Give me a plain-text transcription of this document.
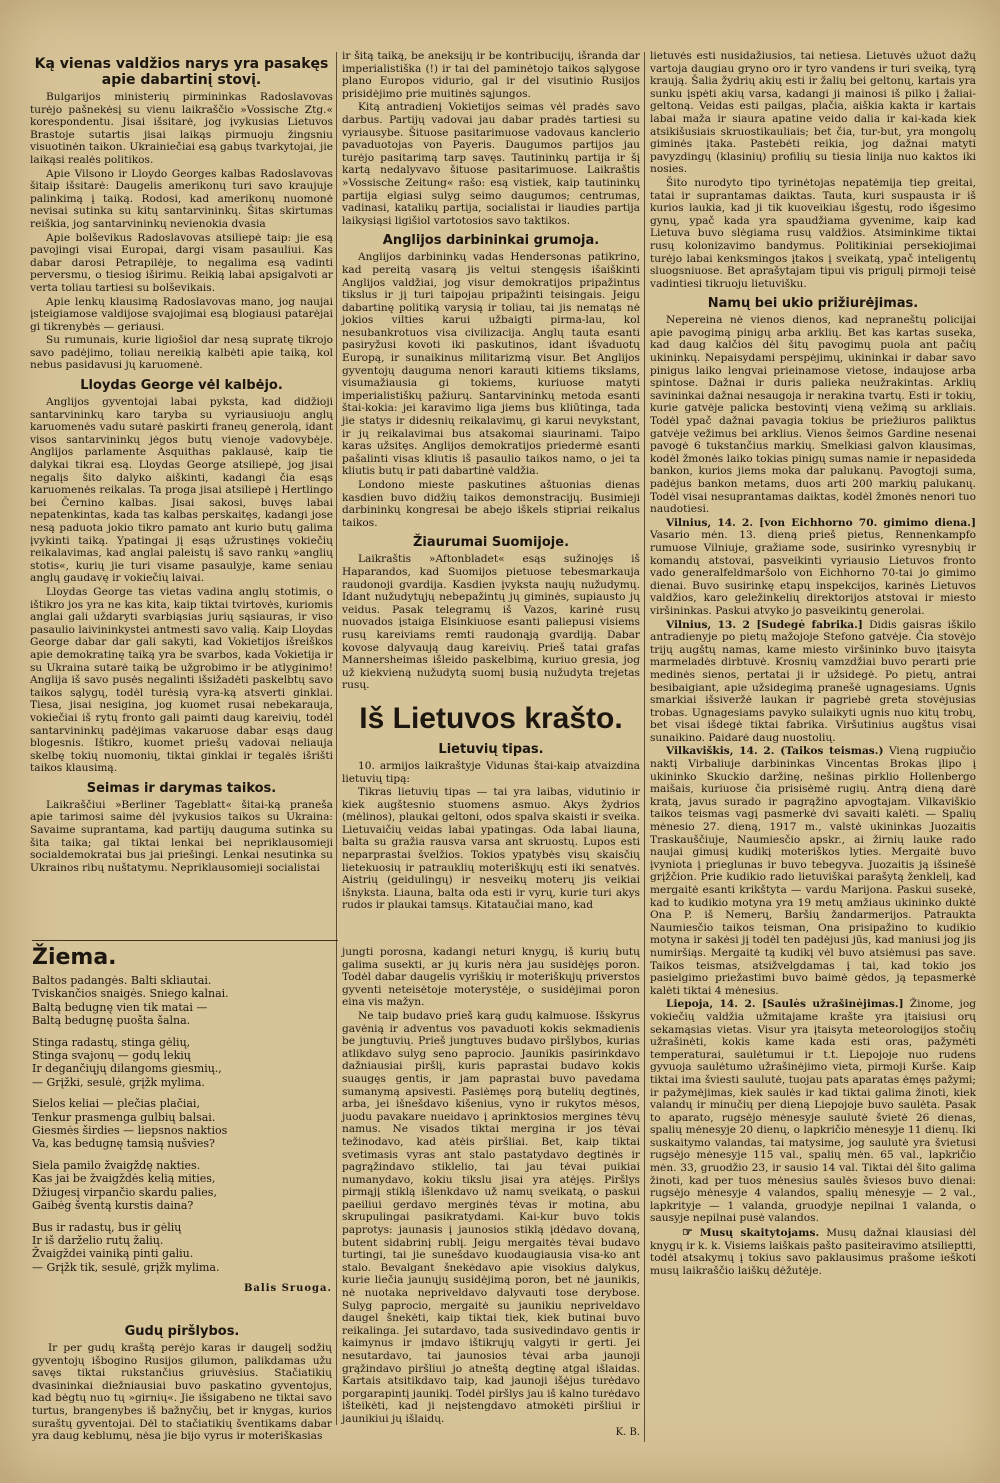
Ką vienas valdžios narys yra pasakęs apie dabartinį stovį.

Bulgarijos ministerių pirmininkas Radoslavovas turėjo pašnekėsį su vienu laikraščio »Vossische Ztg.« korespondentu. Jisai išsitarė, jog įvykusias Lietuvos Brastoje sutartis jisai laikąs pirmuoju žingsniu visuotinėn taikon. Ukrainiečiai esą gabųs tvarkytojai, jie laikąsi realės politikos.

Apie Vilsono ir Lloydo Georges kalbas Radoslavovas šitaip išsitarė: Daugelis amerikonų turi savo kraujuje palinkimą į taiką. Rodosi, kad amerikonų nuomonė nevisai sutinka su kitų santarvininkų. Šitas skirtumas reiškia, jog santarvininkų nevienokia dvasia

Apie bolševikus Radoslavovas atsiliepė taip: jie esą pavojingi visai Europai, dargi visam pasauliui. Kas dabar darosi Petrapilėje, to negalima esą vadinti perversmu, o tiesiog iširimu. Reikią labai apsigalvoti ar verta toliau tartiesi su bolševikais.

Apie lenkų klausimą Radoslavovas mano, jog naujai įsteigiamose valdijose svajojimai esą blogiausi patarėjai gi tikrenybės — geriausi.

Su rumunais, kurie ligiošiol dar nesą supratę tikrojo savo padėjimo, toliau nereikią kalbėti apie taiką, kol nebus pasidavusi jų karuomenė.

Lloydas George vėl kalbėjo.

Anglijos gyventojai labai pyksta, kad didžioji santarvininkų karo taryba su vyriausiuoju anglų karuomenės vadu sutarė paskirti franeų generolą, idant visos santarvininkų jėgos butų vienoje vadovybėje. Anglijos parlamente Asquithas paklausė, kaip tie dalykai tikrai esą. Lloydas George atsiliepė, jog jisai negalįs šito dalyko aiškinti, kadangi čia esąs karuomenės reikalas. Ta proga jisai atsiliepė į Hertlingo bei Černino kalbas. Jisai sakosi, buvęs labai nepatenkintas, kada tas kalbas perskaitęs, kadangi jose nesą paduota jokio tikro pamato ant kurio butų galima įvykinti taiką. Ypatingai jį esąs užrustinęs vokiečių reikalavimas, kad anglai paleistų iš savo rankų »anglių stotis«, kurių jie turi visame pasaulyje, kame seniau anglų gaudavę ir vokiečių laivai.

Lloydas George tas vietas vadina anglų stotimis, o ištikro jos yra ne kas kita, kaip tiktai tvirtovės, kuriomis anglai gali uždaryti svarbiąsias jurių sąsiauras, ir viso pasaulio laivininkystei antmesti savo valią. Kaip Lloydas George dabar dar gali sakyti, kad Vokietijos išreiškos apie demokratinę taiką yra be svarbos, kada Vokietija ir su Ukraina sutarė taiką be užgrobimo ir be atlyginimo! Anglija iš savo pusės negalinti išsižadėti paskelbtų savo taikos sąlygų, todėl turėsią vyra-ką atsverti ginklai. Tiesa, jisai nesigina, jog kuomet rusai nebekarauja, vokiečiai iš rytų fronto gali paimti daug kareivių, todėl santarvininkų padėjimas vakaruose dabar esąs daug blogesnis. Ištikro, kuomet priešų vadovai neliauja skelbę tokių nuomonių, tiktai ginklai ir tegalės išrišti taikos klausimą.

Seimas ir darymas taikos.

Laikraščiui »Berliner Tageblatt« šitai-ką praneša apie tarimosi saime dėl įvykusios taikos su Ukraina: Savaime suprantama, kad partijų dauguma sutinka su šita taika; gal tiktai lenkai bei nepriklausomieji socialdemokratai bus jai priešingi. Lenkai nesutinka su Ukrainos ribų nuštatymu. Nepriklausomieji socialistai

ir šitą taiką, be aneksijų ir be kontribucijų, išranda dar imperialistiška (!) ir tai del paminėtojo taikos sąlygose plano Europos vidurio, gal ir del visutinio Rusijos prisidėjimo prie muitinės sąjungos.

Kitą antradienį Vokietijos seimas vėl pradės savo darbus. Partijų vadovai jau dabar pradės tartiesi su vyriausybe. Šituose pasitarimuose vadovaus kanclerio pavaduotojas von Payeris. Daugumos partijos jau turėjo pasitarimą tarp savęs. Tautininkų partija ir šį kartą nedalyvavo šituose pasitarimuose. Laikraštis »Vossische Zeitung« rašo: esą vistiek, kaip tautininkų partija elgiasi sulyg seimo daugumos; centrumas, vadinasi, katalikų partija, socialistai ir liaudies partija laikysiąsi ligišiol vartotosios savo taktikos.

Anglijos darbininkai grumoja.

Anglijos darbininkų vadas Hendersonas patikrino, kad pereitą vasarą jis veltui stengęsis išaiškinti Anglijos valdžiai, jog visur demokratijos pripažintus tikslus ir jį turi taipojau pripažinti teisingais. Jeigu dabartinę politiką varysią ir toliau, tai jis nematąs nė jokios vilties karui užbaigti pirma-lau, kol nesubankrotuos visa civilizacija. Anglų tauta esanti pasiryžusi kovoti iki paskutinos, idant išvaduotų Europą, ir sunaikinus militarizmą visur. Bet Anglijos gyventojų dauguma nenori karauti kitiems tikslams, visumažiausia gi tokiems, kuriuose matyti imperialistiškų pažiurų. Santarvininkų metoda esanti štai-kokia: jei karavimo liga jiems bus kliūtinga, tada jie statys ir didesnių reikalavimų, gi karui nevykstant, ir jų reikalavimai bus atsakomai siaurinami. Taipo karas užsitęs. Anglijos demokratijos priedermė esanti pašalinti visas kliutis iš pasaulio taikos namo, o jei ta kliutis butų ir pati dabartinė valdžia.

Londono mieste paskutines aštuonias dienas kasdien buvo didžių taikos demonstracijų. Busimieji darbininkų kongresai be abejo iškels stipriai reikalus taikos.

Žiaurumai Suomijoje.

Laikraštis »Aftonbladet« esąs sužinojęs iš Haparandos, kad Suomijos pietuose tebesmarkauja raudonoji gvardija. Kasdien įvyksta naujų nužudymų. Idant nužudytųjų nebepažintų jų giminės, supiausto jų veidus. Pasak telegramų iš Vazos, karinė rusų nuovados įstaiga Elsinkiuose esanti paliepusi visiems rusų kareiviams remti raudonąją gvardiją. Dabar kovose dalyvaują daug kareivių. Prieš tatai grafas Mannersheimas išleido paskelbimą, kuriuo gresia, jog už kiekvieną nužudytą suomį busią nužudyta trejetas rusų.

Iš Lietuvos krašto.
Lietuvių tipas.

10. armijos laikraštyje Vidunas štai-kaip atvaizdina lietuvių tipą:

Tikras lietuvių tipas — tai yra laibas, vidutinio ir kiek augštesnio stuomens asmuo. Akys žydrios (mėlinos), plaukai geltoni, odos spalva skaisti ir sveika. Lietuvaičių veidas labai ypatingas. Oda labai liauna, balta su gražia rausva varsa ant skruostų. Lupos esti neparprastai švelžios. Tokios ypatybės visų skaisčių lietekuosių ir patrauklių moteriškųjų esti iki senatvės. Aistrių (geidulingų) ir nesveikų moterų jis veikiai išnyksta. Liauna, balta oda esti ir vyrų, kurie turi akys rudos ir plaukai tamsųs. Kitataučiai mano, kad

lietuvės esti nusidažiusios, tai netiesa. Lietuvės užuot dažų vartoja daugiau gryno oro ir tyro vandens ir turi sveiką, tyrą kraują. Šalia žydrių akių esti ir žalių bei geltonų, kartais yra sunku įspėti akių varsa, kadangi ji mainosi iš pilko į žaliai-geltoną. Veidas esti pailgas, plačia, aiškia kakta ir kartais labai maža ir siaura apatine veido dalia ir kai-kada kiek atsikišusiais skruostikauliais; bet čia, tur-but, yra mongolų giminės įtaka. Pastebėti reikia, jog dažnai matyti pavyzdingų (klasinių) profilių su tiesia linija nuo kaktos iki nosies.

Šito nurodyto tipo tyrinėtojas nepatėmija tiep greitai, tatai ir suprantamas daiktas. Tauta, kuri suspausta ir iš kurios laukia, kad ji tik kuoveikiau išgestų, rodo išgesimo gynų, ypač kada yra spaudžiama gyvenime, kaip kad Lietuva buvo slėgiama rusų valdžios. Atsiminkime tiktai rusų kolonizavimo bandymus. Politikiniai persekiojimai turėjo labai kenksmingos įtakos į sveikatą, ypač inteligentų sluogsniuose. Bet aprašytajam tipui vis prigulį pirmoji teisė vadintiesi tikruoju lietuvišku.

Namų bei ukio prižiurėjimas.

Nepereina nė vienos dienos, kad nepraneštų policijai apie pavogimą pinigų arba arklių. Bet kas kartas suseka, kad daug kalčios dėl šitų pavogimų puola ant pačių ukininkų. Nepaisydami perspėjimų, ukininkai ir dabar savo pinigus laiko lengvai prieinamose vietose, indaujose arba spintose. Dažnai ir duris palieka neužrakintas. Arklių savininkai dažnai nesaugoja ir nerakina tvartų. Esti ir tokių, kurie gatvėje palicka bestovintį vieną vežimą su arkliais. Todėl ypač dažnai pavagia tokius be priežiuros paliktus gatvėje vežimus bei arklius. Vienos šeimos Gardine nesenai pavogė 6 tukstančius markių. Smelkiasi galvon klausimas, kodėl žmonės laiko tokias pinigų sumas namie ir nepasideda bankon, kurios jiems moka dar palukanų. Pavogtoji suma, padėjus bankon metams, duos arti 200 markių palukanų. Todėl visai nesuprantamas daiktas, kodėl žmonės nenori tuo naudotiesi.

Vilnius, 14. 2. [von Eichhorno 70. gimimo diena.] Vasario mėn. 13. dieną prieš pietus, Rennenkampfo rumuose Vilniuje, gražiame sode, susirinko vyresnybių ir komandų atstovai, pasveikinti vyriausio Lietuvos fronto vado generalfeldmaršolo von Eichhorno 70-tai jo gimimo dienai. Buvo susirinkę etapų inspekcijos, karinės Lietuvos valdžios, karo geležinkelių direktorijos atstovai ir miesto viršininkas. Paskui atvyko jo pasveikintų generolai.

Vilnius, 13. 2 [Sudegė fabrika.] Didis gaisras iškilo antradienyje po pietų mažojoje Stefono gatvėje. Čia stovėjo trijų augštų namas, kame miesto viršininko buvo įtaisyta marmeladės dirbtuvė. Krosnių vamzdžiai buvo perarti prie medinės sienos, pertatai ji ir užsidegė. Po pietų, antrai besibaigiant, apie užsidegimą pranešė ugnagesiams. Ugnis smarkiai išsiveržė laukan ir pagriebė greta stovėjusias trobas. Ugnagesiams pavyko sulaikyti ugnis nuo kitų trobų, bet visai išdegė tiktai fabrika. Viršutinius augštus visai sunaikino. Paidarė daug nuostolių.

Vilkaviškis, 14. 2. (Taikos teismas.) Vieną rugpiučio naktį Virbaliuje darbininkas Vincentas Brokas įlipo į ukininko Skuckio daržinę, nešinas pirklio Hollenbergo maišais, kuriuose čia prisisėmė rugių. Antrą dieną darė kratą, javus surado ir pagrąžino apvogtajam. Vilkaviškio taikos teismas vagį pasmerkė dvi savaiti kalėti. — Spalių mėnesio 27. dieną, 1917 m., valstė ukininkas Juozaitis Traskauščiuje, Naumiesčio apskr., ai žirnių lauke rado naujai gimusį kudikį moteriškos lyties. Mergaitė buvo įvyniota į prieglunas ir buvo tebegyva. Juozaitis ją išsinešė grįžčion. Prie kudikio rado lietuviškai parašytą ženklelį, kad mergaitė esanti krikštyta — vardu Marijona. Paskui susekė, kad to kudikio motyna yra 19 metų amžiaus ukininko duktė Ona P. iš Nemerų, Baršių žandarmerijos. Patraukta Naumiesčio taikos teisman, Ona prisipažino to kudikio motyna ir sakėsi jį todėl ten padėjusi jūs, kad maniusi jog jis numiršiąs. Mergaitė tą kudikį vėl buvo atsiėmusi pas save. Taikos teismas, atsižvelgdamas į tai, kad tokio jos pasielgimo priežastimi buvo baimė gėdos, ją tepasmerkė kalėti tiktai 4 mėnesius.

Liepoja, 14. 2. [Saulės užrašinėjimas.] Žinome, jog vokiečių valdžia užmitajame krašte yra įtaisiusi orų sekamąsias vietas. Visur yra įtaisyta meteorologijos stočių užrašinėti, kokis kame kada esti oras, pažymėti temperaturai, saulėtumui ir t.t. Liepojoje nuo rudens gyvuoja saulėtumo užrašinėjimo vieta, pirmoji Kurše. Kaip tiktai ima šviesti saulutė, tuojau pats aparatas ėmęs pažymi; ir pažymėjimas, kiek saulės ir kad tiktai galima žinoti, kiek valandų ir minučių per dieną Liepojoje buvo saulėta. Pasak to aparato, rugsėjo mėnesyje saulutė švietė 26 dienas, spalių mėnesyje 20 dienų, o lapkričio mėnesyje 11 dienų. Iki suskaitymo valandas, tai matysime, jog saulutė yra švietusi rugsėjo mėnesyje 115 val., spalių mėn. 65 val., lapkričio mėn. 33, gruodžio 23, ir sausio 14 val. Tiktai dėl šito galima žinoti, kad per tuos mėnesius saulės šviesos buvo dienai: rugsėjo mėnesyje 4 valandos, spalių mėnesyje — 2 val., lapkrityje — 1 valanda, gruodyje nepilnai 1 valanda, o sausyje nepilnai pusė valandos.

☞ Musų skaitytojams. Musų dažnai klausiasi dėl knygų ir k. k. Visiems laiškais pašto pasiteiravimo atsilieptti, todėl atsakymų į tokius savo paklausimus prašome ieškoti musų laikraščio laiškų dėžutėje.

Žiema.
Baltos padangės. Balti skliautai.
Tviskančios snaigės. Sniego kalnai.
Baltą bedugnę vien tik matai —
Baltą bedugnę puošta šalna.
Stinga radastų, stinga gėlių,
Stinga svajonų — godų lekių
Ir degančiųjų dilangoms giesmių.,
— Grįžki, sesulė, grįžk mylima.
Sielos keliai — plečias plačiai,
Tenkur prasmenga gulbių balsai.
Giesmės širdies — liepsnos naktios
Va, kas bedugnę tamsią nušvies?
Siela pamilo žvaigždę nakties.
Kas jai be žvaigždės kelią mities,
Džiugesį virpančio skardu palies,
Gaibėg šventą kurstis daina?
Bus ir radastų, bus ir gėlių
Ir iš darželio rutų žalių.
Žvaigždei vainiką pinti galiu.
— Grįžk tik, sesulė, grįžk mylima.
Balis Sruoga.
Gudų piršlybos.

Ir per gudų kraštą perėjo karas ir daugelį sodžių gyventojų išbogino Rusijos gilumon, palikdamas užu savęs tiktai rukstančius griuvėsius. Stačiatikių dvasininkai diežniausiai buvo paskatino gyventojus, kad bėgtų nuo tų »girnių«. Jie išsigabeno ne tiktai savo turtus, brangenybes iš bažnyčių, bet ir knygas, kurios suraštų gyventojai. Dėl to stačiatikių šventikams dabar yra daug keblumų, nėsa jie bijo vyrus ir moteriškasias

jungti porosna, kadangi neturi knygų, iš kurių butų galima susekti, ar jų kuris nėra jau susidėjęs poron. Todėl dabar daugelis vyriškių ir moteriškųjų priverstos gyventi neteisėtoje moterystėje, o susidėjimai poron eina vis mažyn.

Ne taip budavo prieš karą gudų kalmuose. Išskyrus gavėnią ir adventus vos pavaduoti kokis sekmadienis be jungtuvių. Prieš jungtuves budavo piršlybos, kurias atlikdavo sulyg seno paprocio. Jaunikis pasirinkdavo dažniausiai piršlį, kuris paprastai budavo kokis suaugęs gentis, ir jam paprastai buvo pavedama sumanymą apsivesti. Pasiėmęs porą butelių degtinės, arba, jei išnešdavo kišenius, vyno ir rukytos mėsos, juodu pavakare nueidavo į aprinktosios mergines tėvų namus. Ne visados tiktai mergina ir jos tėvai težinodavo, kad atėis piršliai. Bet, kaip tiktai svetimasis vyras ant stalo pastatydavo degtinės ir pagrąžindavo stiklelio, tai jau tėvai puikiai numanydavo, kokiu tikslu jisai yra atėjęs. Piršlys pirmąjį stiklą išlenkdavo už namų sveikatą, o paskui paeiliui gerdavo merginės tėvas ir motina, abu skrupulingai pasikratydami. Kai-kur buvo tokis paprotys: jaunasis į jaunosios stiklą įdėdavo dovaną, butent sidabrinį rublį. Jeigu mergaitės tėvai budavo turtingi, tai jie sunešdavo kuodaugiausia visa-ko ant stalo. Bevalgant šnekėdavo apie visokius dalykus, kurie liečia jaunųjų susidėjimą poron, bet nė jaunikis, nė nuotaka nepriveldavo dalyvauti tose derybose. Sulyg paprocio, mergaitė su jaunikiu nepriveldavo daugel šnekėti, kaip tiktai tiek, kiek butinai buvo reikalinga. Jei sutardavo, tada susivedindavo gentis ir kaimynus ir įmdavo ištikrųjų valgyti ir gerti. Jei nesutardavo, tai jaunosios tėvai arba jaunoji grąžindavo piršliui jo atneštą degtinę atgal išlaidas. Kartais atsitikdavo taip, kad jaunoji išėjus turėdavo porgarapintį jaunikį. Todėl piršlys jau iš kalno turėdavo išteikėti, kad ji neįstengdavo atmokėti piršliui ir jaunikiui jų išlaidų.

K. B.
